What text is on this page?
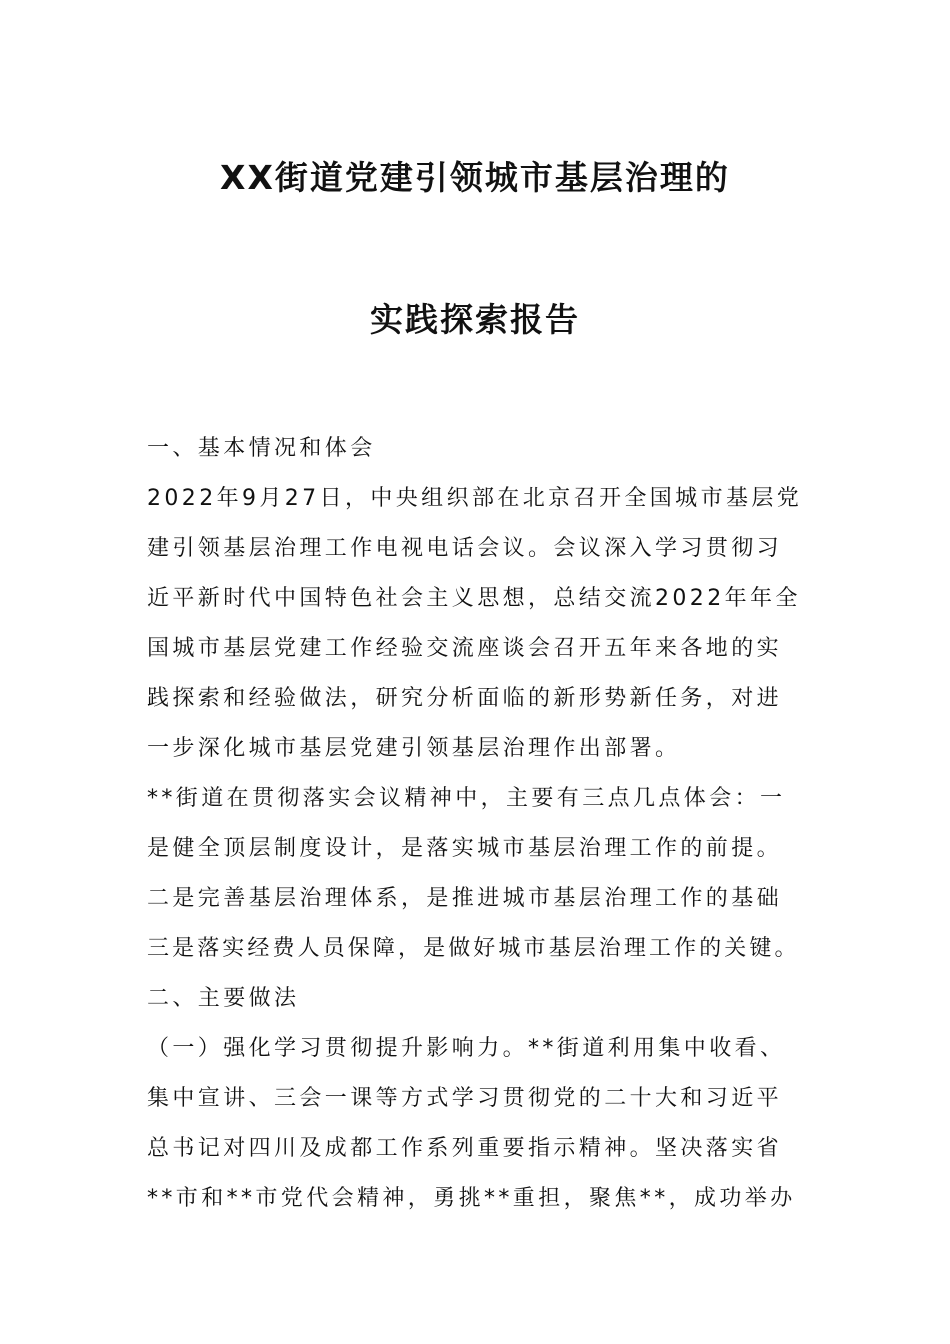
XX街道党建引领城市基层治理的
实践探索报告

一、基本情况和体会

2022年9月27日，中央组织部在北京召开全国城市基层党

建引领基层治理工作电视电话会议。会议深入学习贯彻习

近平新时代中国特色社会主义思想，总结交流2022年年全

国城市基层党建工作经验交流座谈会召开五年来各地的实

践探索和经验做法，研究分析面临的新形势新任务，对进

一步深化城市基层党建引领基层治理作出部署。

**街道在贯彻落实会议精神中，主要有三点几点体会：一

是健全顶层制度设计，是落实城市基层治理工作的前提。

二是完善基层治理体系，是推进城市基层治理工作的基础

三是落实经费人员保障，是做好城市基层治理工作的关键。

二、主要做法

（一）强化学习贯彻提升影响力。**街道利用集中收看、

集中宣讲、三会一课等方式学习贯彻党的二十大和习近平

总书记对四川及成都工作系列重要指示精神。坚决落实省

**市和**市党代会精神，勇挑**重担，聚焦**，成功举办
